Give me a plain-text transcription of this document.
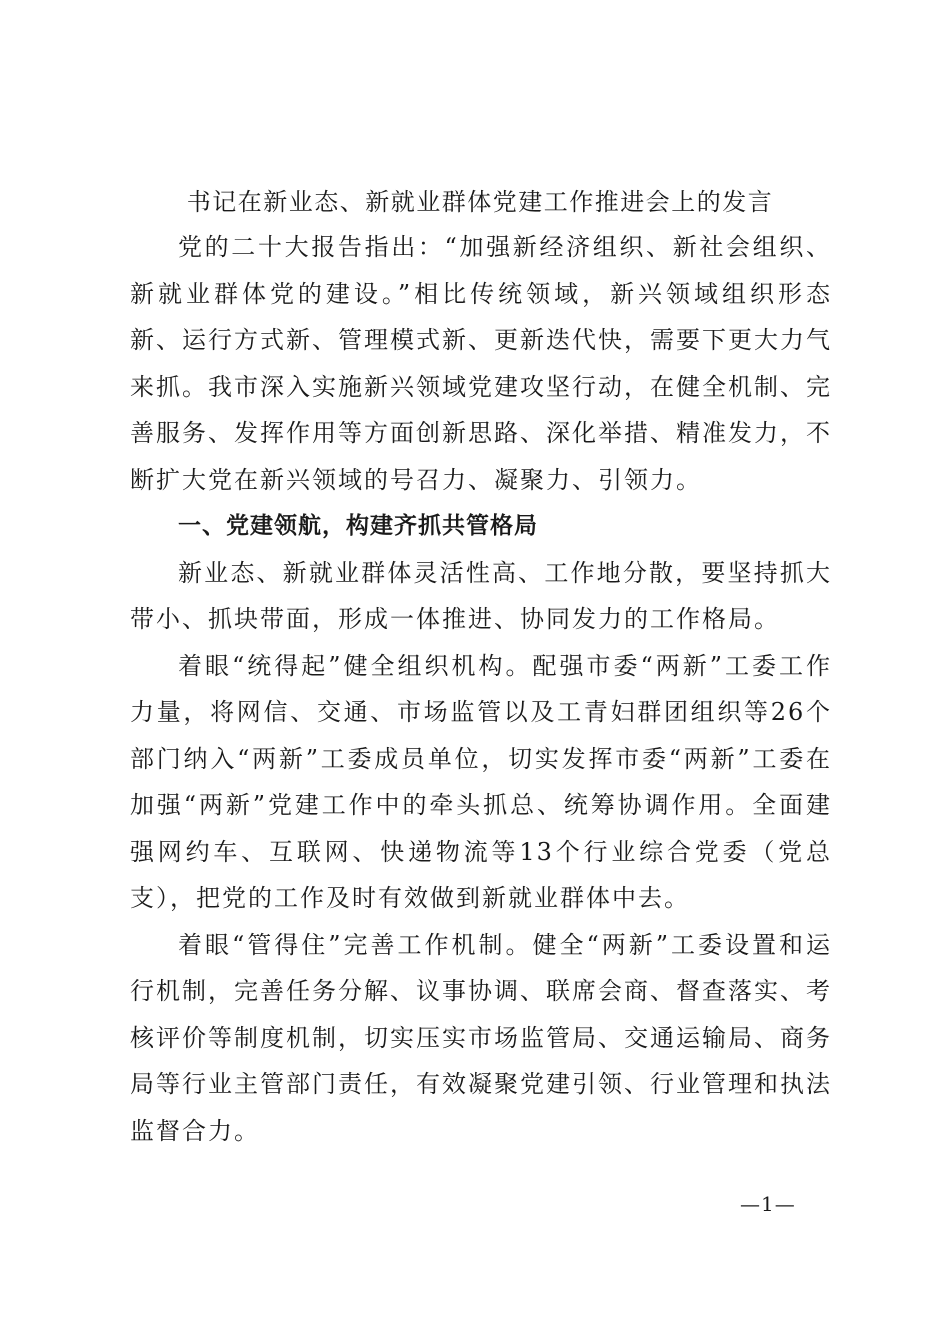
书记在新业态、新就业群体党建工作推进会上的发言

党的二十大报告指出：“加强新经济组织、新社会组织、新就业群体党的建设。”相比传统领域，新兴领域组织形态新、运行方式新、管理模式新、更新迭代快，需要下更大力气来抓。我市深入实施新兴领域党建攻坚行动，在健全机制、完善服务、发挥作用等方面创新思路、深化举措、精准发力，不断扩大党在新兴领域的号召力、凝聚力、引领力。

一、党建领航，构建齐抓共管格局

新业态、新就业群体灵活性高、工作地分散，要坚持抓大带小、抓块带面，形成一体推进、协同发力的工作格局。

着眼“统得起”健全组织机构。配强市委“两新”工委工作力量，将网信、交通、市场监管以及工青妇群团组织等26个部门纳入“两新”工委成员单位，切实发挥市委“两新”工委在加强“两新”党建工作中的牵头抓总、统筹协调作用。全面建强网约车、互联网、快递物流等13个行业综合党委（党总支），把党的工作及时有效做到新就业群体中去。

着眼“管得住”完善工作机制。健全“两新”工委设置和运行机制，完善任务分解、议事协调、联席会商、督查落实、考核评价等制度机制，切实压实市场监管局、交通运输局、商务局等行业主管部门责任，有效凝聚党建引领、行业管理和执法监督合力。

—1—
